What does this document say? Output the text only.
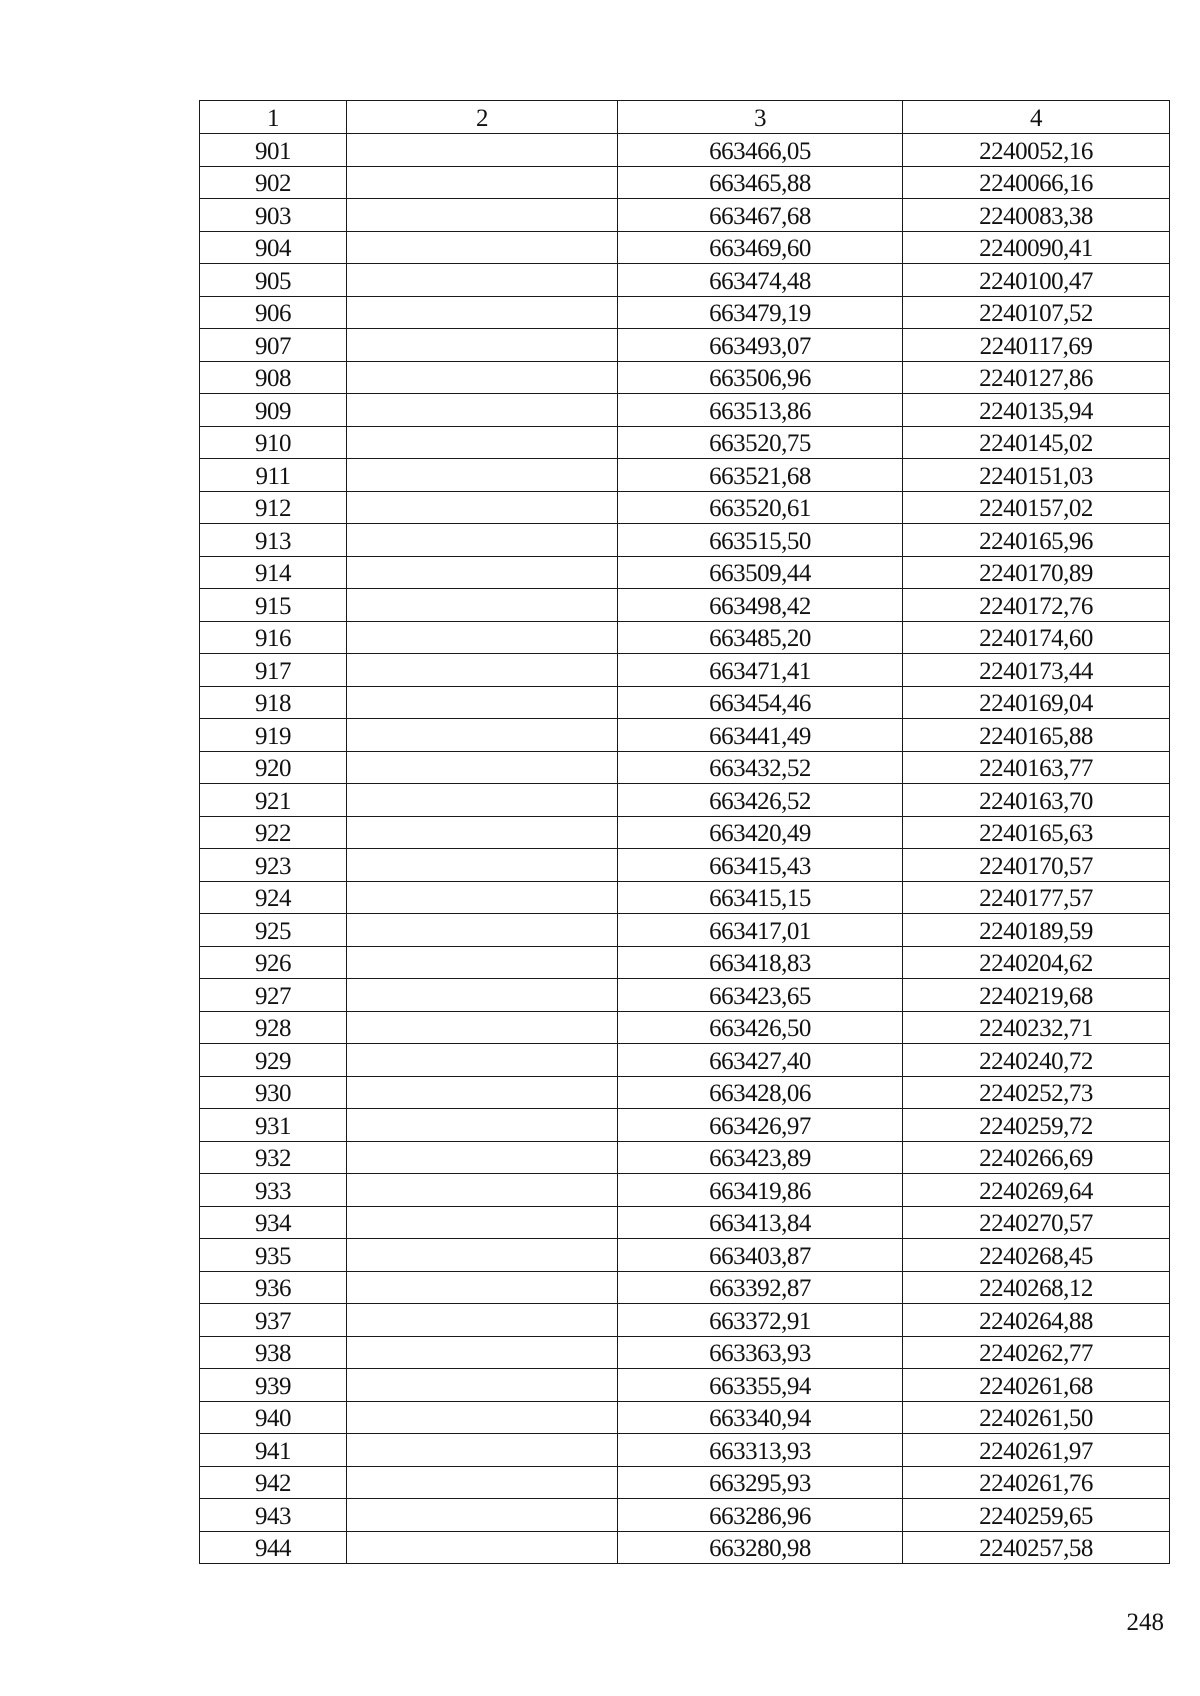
1	2	3	4
901		663466,05	2240052,16
902		663465,88	2240066,16
903		663467,68	2240083,38
904		663469,60	2240090,41
905		663474,48	2240100,47
906		663479,19	2240107,52
907		663493,07	2240117,69
908		663506,96	2240127,86
909		663513,86	2240135,94
910		663520,75	2240145,02
911		663521,68	2240151,03
912		663520,61	2240157,02
913		663515,50	2240165,96
914		663509,44	2240170,89
915		663498,42	2240172,76
916		663485,20	2240174,60
917		663471,41	2240173,44
918		663454,46	2240169,04
919		663441,49	2240165,88
920		663432,52	2240163,77
921		663426,52	2240163,70
922		663420,49	2240165,63
923		663415,43	2240170,57
924		663415,15	2240177,57
925		663417,01	2240189,59
926		663418,83	2240204,62
927		663423,65	2240219,68
928		663426,50	2240232,71
929		663427,40	2240240,72
930		663428,06	2240252,73
931		663426,97	2240259,72
932		663423,89	2240266,69
933		663419,86	2240269,64
934		663413,84	2240270,57
935		663403,87	2240268,45
936		663392,87	2240268,12
937		663372,91	2240264,88
938		663363,93	2240262,77
939		663355,94	2240261,68
940		663340,94	2240261,50
941		663313,93	2240261,97
942		663295,93	2240261,76
943		663286,96	2240259,65
944		663280,98	2240257,58
248
